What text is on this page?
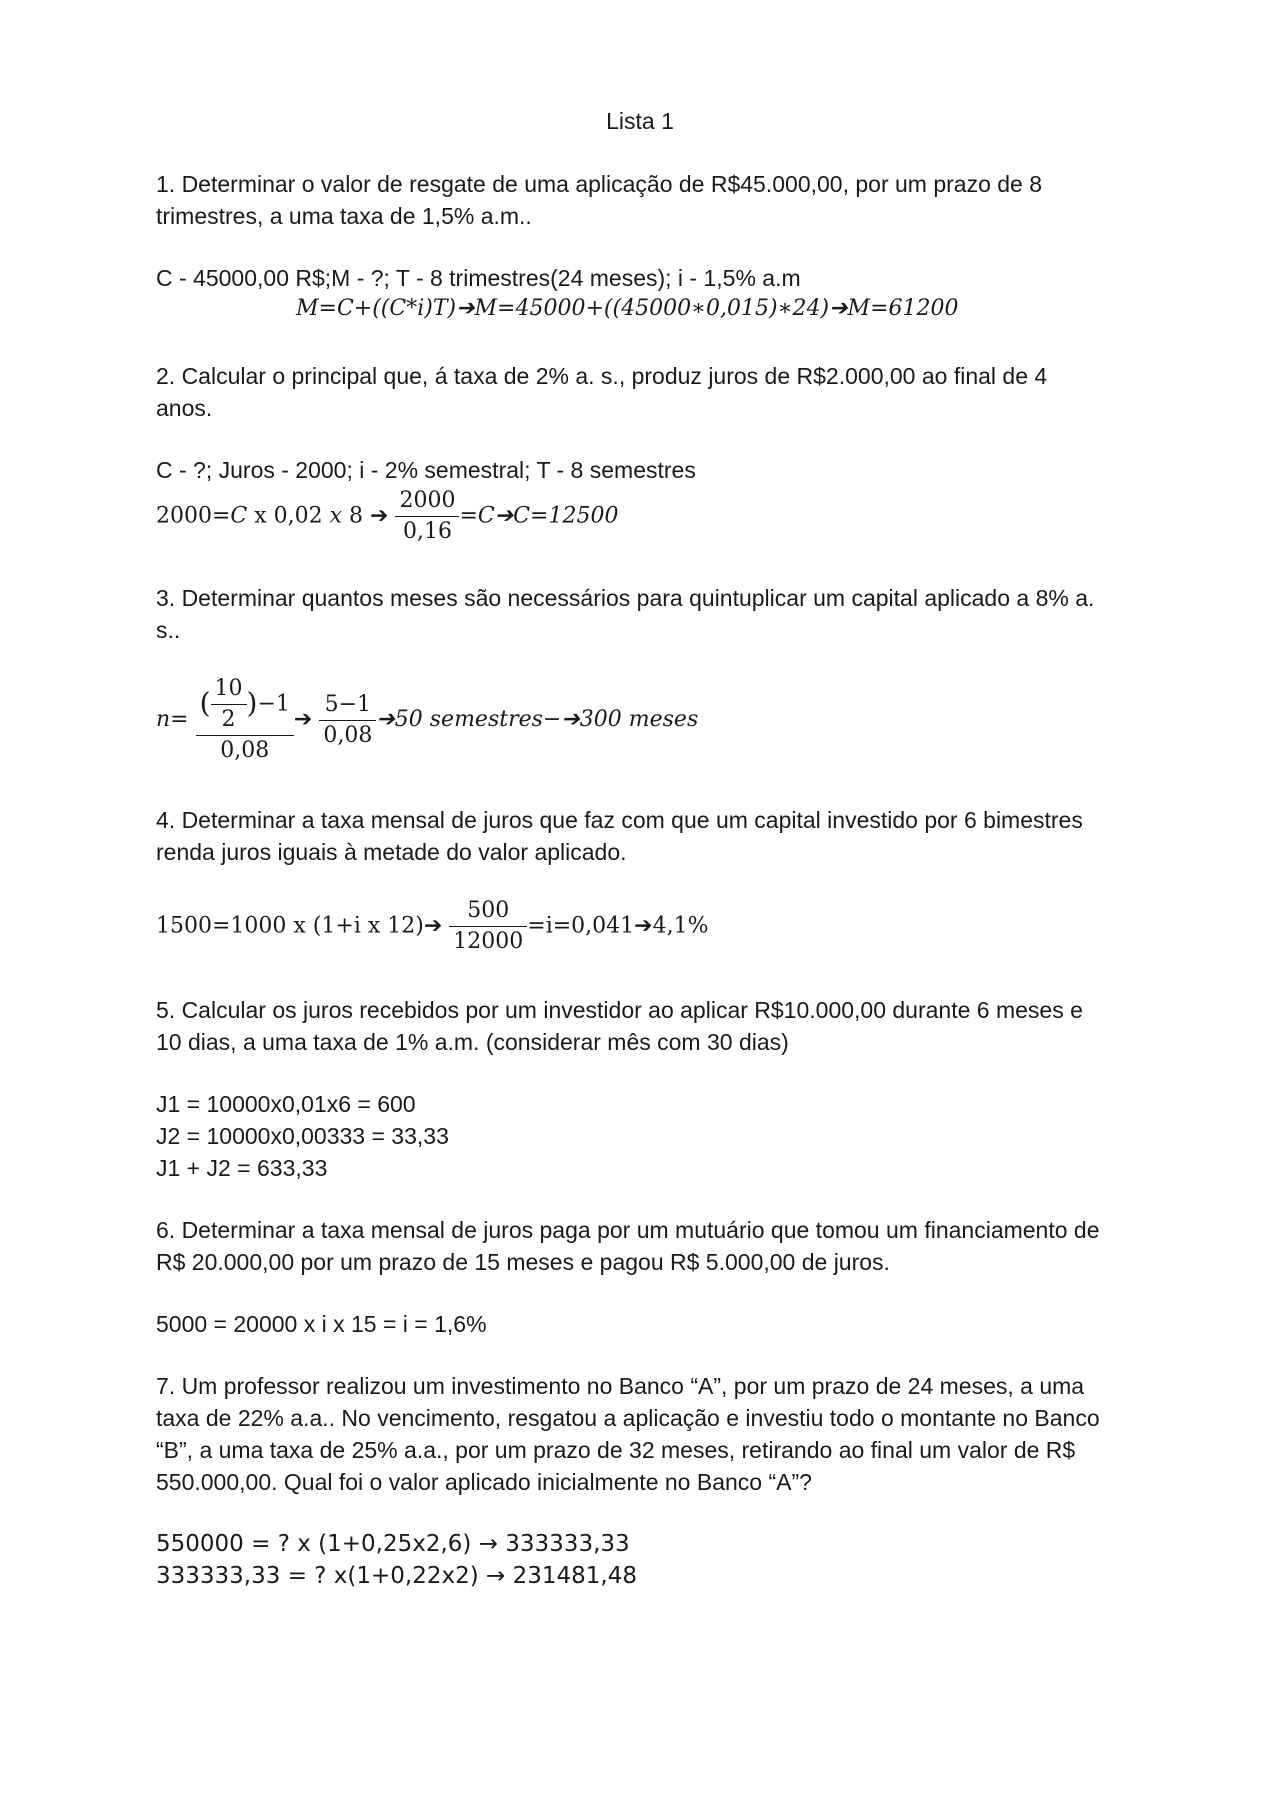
Lista 1
1. Determinar o valor de resgate de uma aplicação de R$45.000,00, por um prazo de 8
trimestres, a uma taxa de 1,5% a.m..
C - 45000,00 R$;M - ?; T - 8 trimestres(24 meses); i - 1,5% a.m
M=C+((C*i)T)➔M=45000+((45000∗0,015)∗24)➔M=61200
2. Calcular o principal que, á taxa de 2% a. s., produz juros de R$2.000,00 ao final de 4
anos.
C - ?; Juros - 2000; i - 2% semestral; T - 8 semestres
2000=C x 0,02 x 8 ➔ $\frac{2000}{0,16}$ =C➔C=12500
3. Determinar quantos meses são necessários para quintuplicar um capital aplicado a 8% a.
s..
$n= \frac{( \frac{10}{2} )-1}{0,08}$ ➔ $\frac{5-1}{0,08}$ ➔50 semestres−➔300 meses
4. Determinar a taxa mensal de juros que faz com que um capital investido por 6 bimestres
renda juros iguais à metade do valor aplicado.
1500=1000 x (1+i x 12)➔ $\frac{500}{12000}$ =i=0,041➔4,1%
5. Calcular os juros recebidos por um investidor ao aplicar R$10.000,00 durante 6 meses e
10 dias, a uma taxa de 1% a.m. (considerar mês com 30 dias)
J1 = 10000x0,01x6 = 600
J2 = 10000x0,00333 = 33,33
J1 + J2 = 633,33
6. Determinar a taxa mensal de juros paga por um mutuário que tomou um financiamento de
R$ 20.000,00 por um prazo de 15 meses e pagou R$ 5.000,00 de juros.
5000 = 20000 x i x 15 = i = 1,6%
7. Um professor realizou um investimento no Banco “A”, por um prazo de 24 meses, a uma
taxa de 22% a.a.. No vencimento, resgatou a aplicação e investiu todo o montante no Banco
“B”, a uma taxa de 25% a.a., por um prazo de 32 meses, retirando ao final um valor de R$
550.000,00. Qual foi o valor aplicado inicialmente no Banco “A”?
550000 = ? x (1+0,25x2,6) → 333333,33
333333,33 = ? x(1+0,22x2) → 231481,48
